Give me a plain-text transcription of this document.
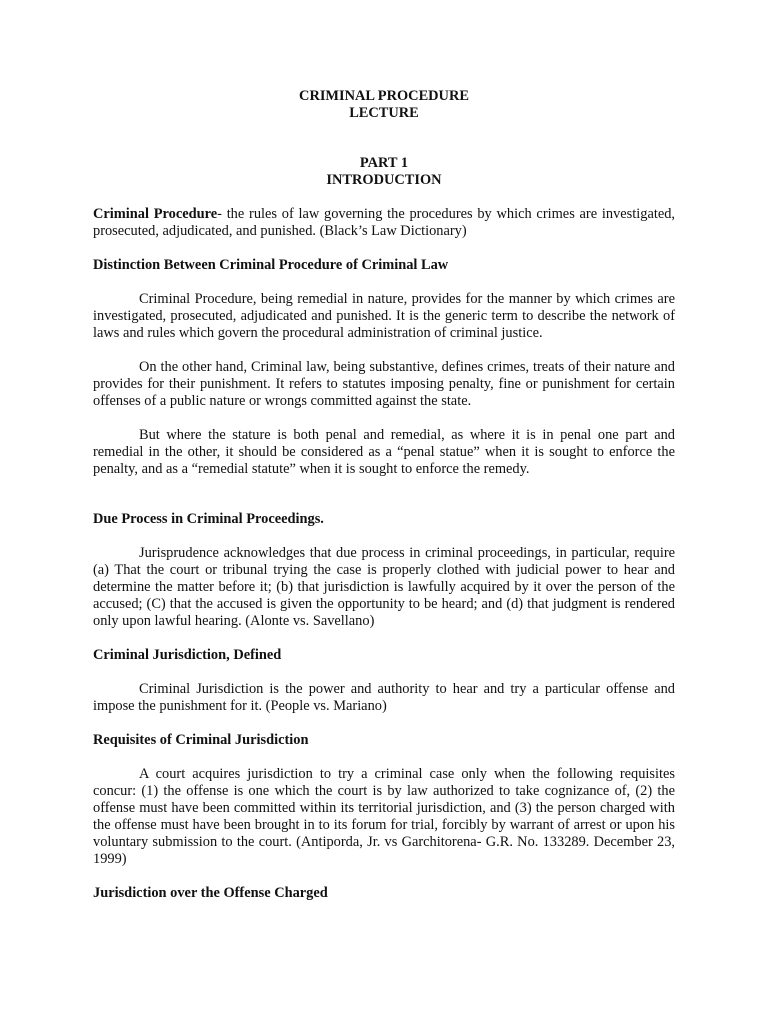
CRIMINAL PROCEDURE

LECTURE

PART 1

INTRODUCTION

Criminal Procedure- the rules of law governing the procedures by which crimes are investigated, prosecuted, adjudicated, and punished. (Black’s Law Dictionary)

Distinction Between Criminal Procedure of Criminal Law

Criminal Procedure, being remedial in nature, provides for the manner by which crimes are investigated, prosecuted, adjudicated and punished. It is the generic term to describe the network of laws and rules which govern the procedural administration of criminal justice.

On the other hand, Criminal law, being substantive, defines crimes, treats of their nature and provides for their punishment. It refers to statutes imposing penalty, fine or punishment for certain offenses of a public nature or wrongs committed against the state.

But where the stature is both penal and remedial, as where it is in penal one part and remedial in the other, it should be considered as a “penal statue” when it is sought to enforce the penalty, and as a “remedial statute” when it is sought to enforce the remedy.

Due Process in Criminal Proceedings.

Jurisprudence acknowledges that due process in criminal proceedings, in particular, require (a) That the court or tribunal trying the case is properly clothed with judicial power to hear and determine the matter before it; (b) that jurisdiction is lawfully acquired by it over the person of the accused; (C) that the accused is given the opportunity to be heard; and (d) that judgment is rendered only upon lawful hearing. (Alonte vs. Savellano)

Criminal Jurisdiction, Defined

Criminal Jurisdiction is the power and authority to hear and try a particular offense and impose the punishment for it. (People vs. Mariano)

Requisites of Criminal Jurisdiction

A court acquires jurisdiction to try a criminal case only when the following requisites concur: (1) the offense is one which the court is by law authorized to take cognizance of, (2) the offense must have been committed within its territorial jurisdiction, and (3) the person charged with the offense must have been brought in to its forum for trial, forcibly by warrant of arrest or upon his voluntary submission to the court. (Antiporda, Jr. vs Garchitorena- G.R. No. 133289. December 23, 1999)

Jurisdiction over the Offense Charged
